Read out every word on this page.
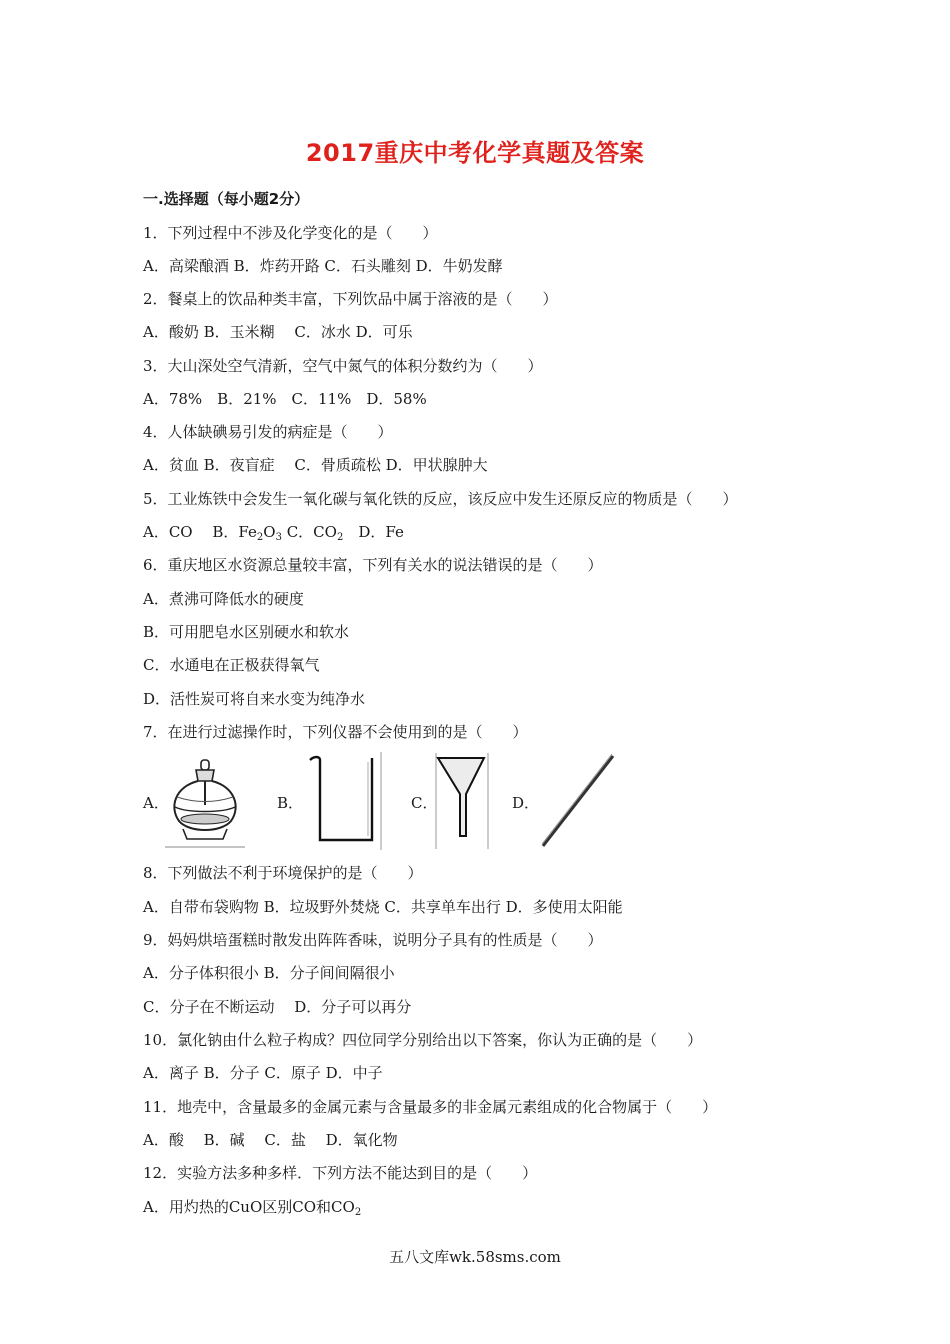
2017重庆中考化学真题及答案
一.选择题（每小题2分）
1．下列过程中不涉及化学变化的是（　　）
A．高梁酿酒 B．炸药开路 C．石头雕刻 D．牛奶发酵
2．餐桌上的饮品种类丰富，下列饮品中属于溶液的是（　　）
A．酸奶 B．玉米糊　 C．冰水 D．可乐
3．大山深处空气清新，空气中氮气的体积分数约为（　　）
A．78%　B．21%　C．11%　D．58%
4．人体缺碘易引发的病症是（　　）
A．贫血 B．夜盲症　 C．骨质疏松 D．甲状腺肿大
5．工业炼铁中会发生一氧化碳与氧化铁的反应，该反应中发生还原反应的物质是（　　）
A．CO　 B．$Fe_2O_3$ C．$CO_2$　D．Fe
6．重庆地区水资源总量较丰富，下列有关水的说法错误的是（　　）
A．煮沸可降低水的硬度
B．可用肥皂水区别硬水和软水
C．水通电在正极获得氧气
D．活性炭可将自来水变为纯净水
7．在进行过滤操作时，下列仪器不会使用到的是（　　）
A．	B．	C．	D．
8．下列做法不利于环境保护的是（　　）
A．自带布袋购物 B．垃圾野外焚烧 C．共享单车出行 D．多使用太阳能
9．妈妈烘培蛋糕时散发出阵阵香味，说明分子具有的性质是（　　）
A．分子体积很小 B．分子间间隔很小
C．分子在不断运动　 D．分子可以再分
10．氯化钠由什么粒子构成？四位同学分别给出以下答案，你认为正确的是（　　）
A．离子 B．分子 C．原子 D．中子
11．地壳中，含量最多的金属元素与含量最多的非金属元素组成的化合物属于（　　）
A．酸　 B．碱　 C．盐　 D．氧化物
12．实验方法多种多样．下列方法不能达到目的是（　　）
A．用灼热的CuO区别CO和$CO_2$
五八文库wk.58sms.com
